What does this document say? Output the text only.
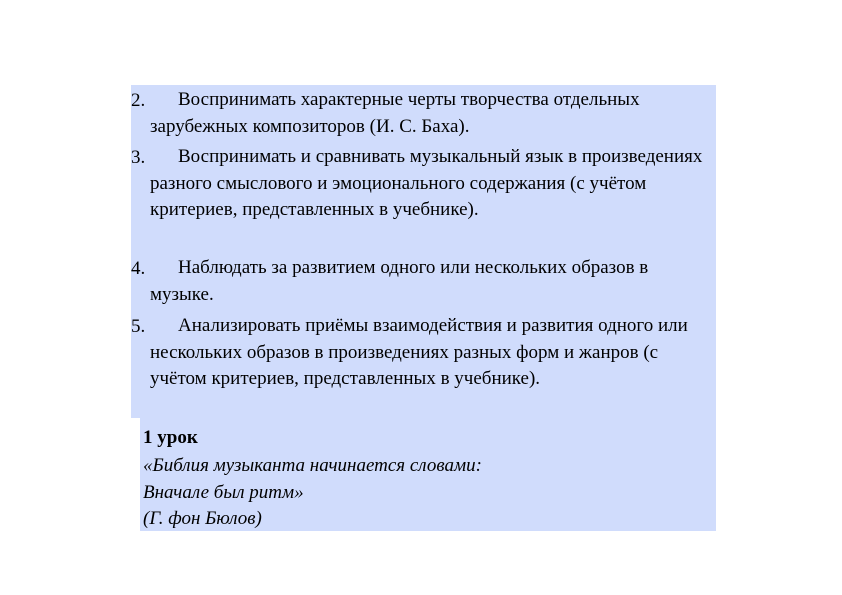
2.	Воспринимать характерные черты творчества отдельных зарубежных композиторов (И. С. Баха).
3.	Воспринимать и сравнивать музыкальный язык в произведениях разного смыслового и эмоционального содержания (с учётом критериев, представленных в учебнике).
4.	Наблюдать за развитием одного или нескольких образов в музыке.
5.	Анализировать приёмы взаимодействия и развития одного или нескольких образов в произведениях разных форм и жанров (с учётом критериев, представленных в учебнике).
1 урок
«Библия музыканта начинается словами:
Вначале был ритм»
(Г. фон Бюлов)
